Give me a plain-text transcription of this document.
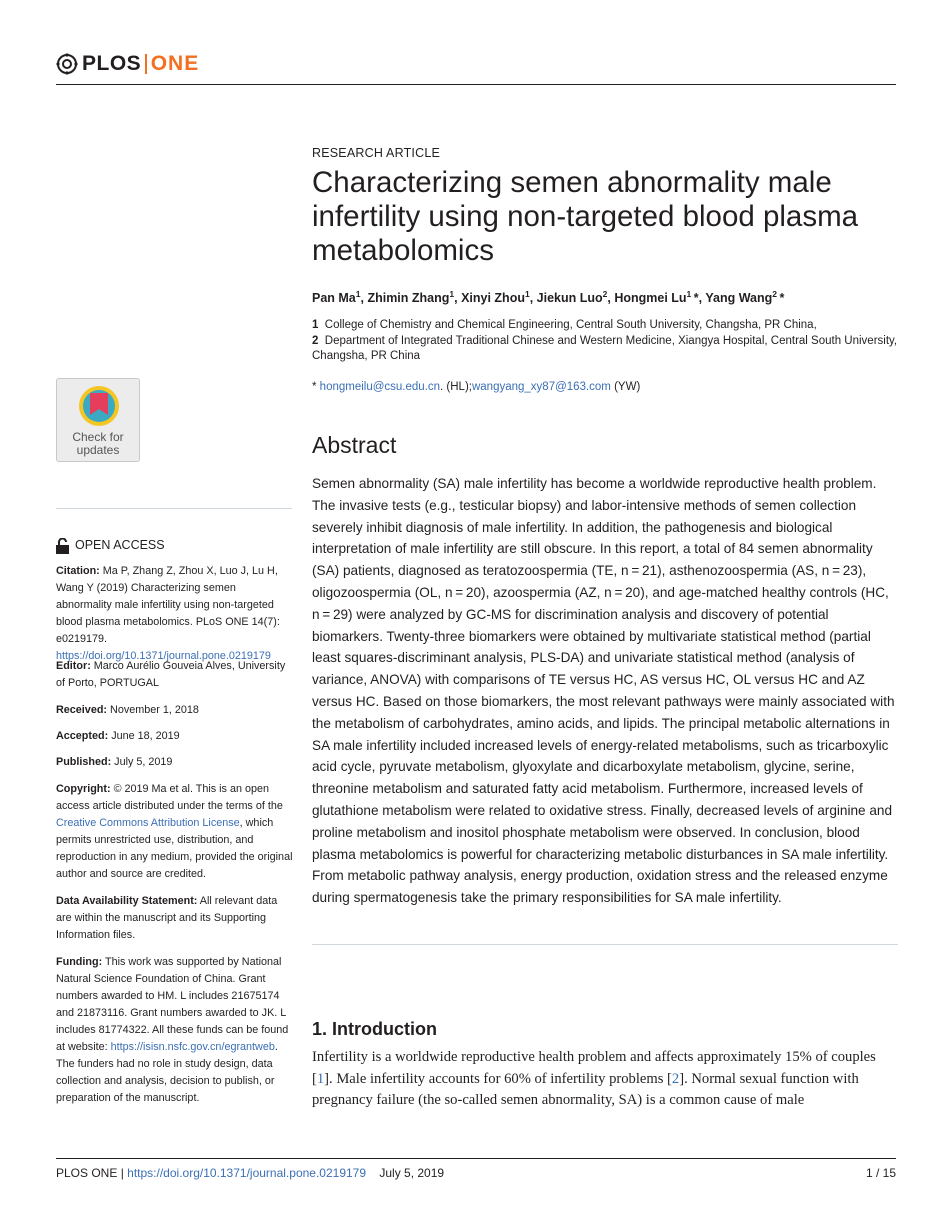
PLOS ONE
RESEARCH ARTICLE
Characterizing semen abnormality male infertility using non-targeted blood plasma metabolomics
Pan Ma$^1$, Zhimin Zhang$^1$, Xinyi Zhou$^1$, Jiekun Luo$^2$, Hongmei Lu$^1$ *, Yang Wang$^2$ *
1 College of Chemistry and Chemical Engineering, Central South University, Changsha, PR China,
2 Department of Integrated Traditional Chinese and Western Medicine, Xiangya Hospital, Central South University, Changsha, PR China
* hongmeilu@csu.edu.cn. (HL);wangyang_xy87@163.com (YW)
Abstract

Semen abnormality (SA) male infertility has become a worldwide reproductive health problem. The invasive tests (e.g., testicular biopsy) and labor-intensive methods of semen collection severely inhibit diagnosis of male infertility. In addition, the pathogenesis and biological interpretation of male infertility are still obscure. In this report, a total of 84 semen abnormality (SA) patients, diagnosed as teratozoospermia (TE, n = 21), asthenozoospermia (AS, n = 23), oligozoospermia (OL, n = 20), azoospermia (AZ, n = 20), and age-matched healthy controls (HC, n = 29) were analyzed by GC-MS for discrimination analysis and discovery of potential biomarkers. Twenty-three biomarkers were obtained by multivariate statistical method (partial least squares-discriminant analysis, PLS-DA) and univariate statistical method (analysis of variance, ANOVA) with comparisons of TE versus HC, AS versus HC, OL versus HC and AZ versus HC. Based on those biomarkers, the most relevant pathways were mainly associated with the metabolism of carbohydrates, amino acids, and lipids. The principal metabolic alternations in SA male infertility included increased levels of energy-related metabolisms, such as tricarboxylic acid cycle, pyruvate metabolism, glyoxylate and dicarboxylate metabolism, glycine, serine, threonine metabolism and saturated fatty acid metabolism. Furthermore, increased levels of glutathione metabolism were related to oxidative stress. Finally, decreased levels of arginine and proline metabolism and inositol phosphate metabolism were observed. In conclusion, blood plasma metabolomics is powerful for characterizing metabolic disturbances in SA male infertility. From metabolic pathway analysis, energy production, oxidation stress and the released enzyme during spermatogenesis take the primary responsibilities for SA male infertility.

1. Introduction

Infertility is a worldwide reproductive health problem and affects approximately 15% of couples [1]. Male infertility accounts for 60% of infertility problems [2]. Normal sexual function with pregnancy failure (the so-called semen abnormality, SA) is a common cause of male

Check for
updates
OPEN ACCESS
Citation: Ma P, Zhang Z, Zhou X, Luo J, Lu H, Wang Y (2019) Characterizing semen abnormality male infertility using non-targeted blood plasma metabolomics. PLoS ONE 14(7): e0219179. https://doi.org/10.1371/journal.pone.0219179
Editor: Marco Aurélio Gouveia Alves, University of Porto, PORTUGAL
Received: November 1, 2018
Accepted: June 18, 2019
Published: July 5, 2019
Copyright: © 2019 Ma et al. This is an open access article distributed under the terms of the Creative Commons Attribution License, which permits unrestricted use, distribution, and reproduction in any medium, provided the original author and source are credited.
Data Availability Statement: All relevant data are within the manuscript and its Supporting Information files.
Funding: This work was supported by National Natural Science Foundation of China. Grant numbers awarded to HM. L includes 21675174 and 21873116. Grant numbers awarded to JK. L includes 81774322. All these funds can be found at website: https://isisn.nsfc.gov.cn/egrantweb. The funders had no role in study design, data collection and analysis, decision to publish, or preparation of the manuscript.
PLOS ONE | https://doi.org/10.1371/journal.pone.0219179 July 5, 2019	1 / 15
